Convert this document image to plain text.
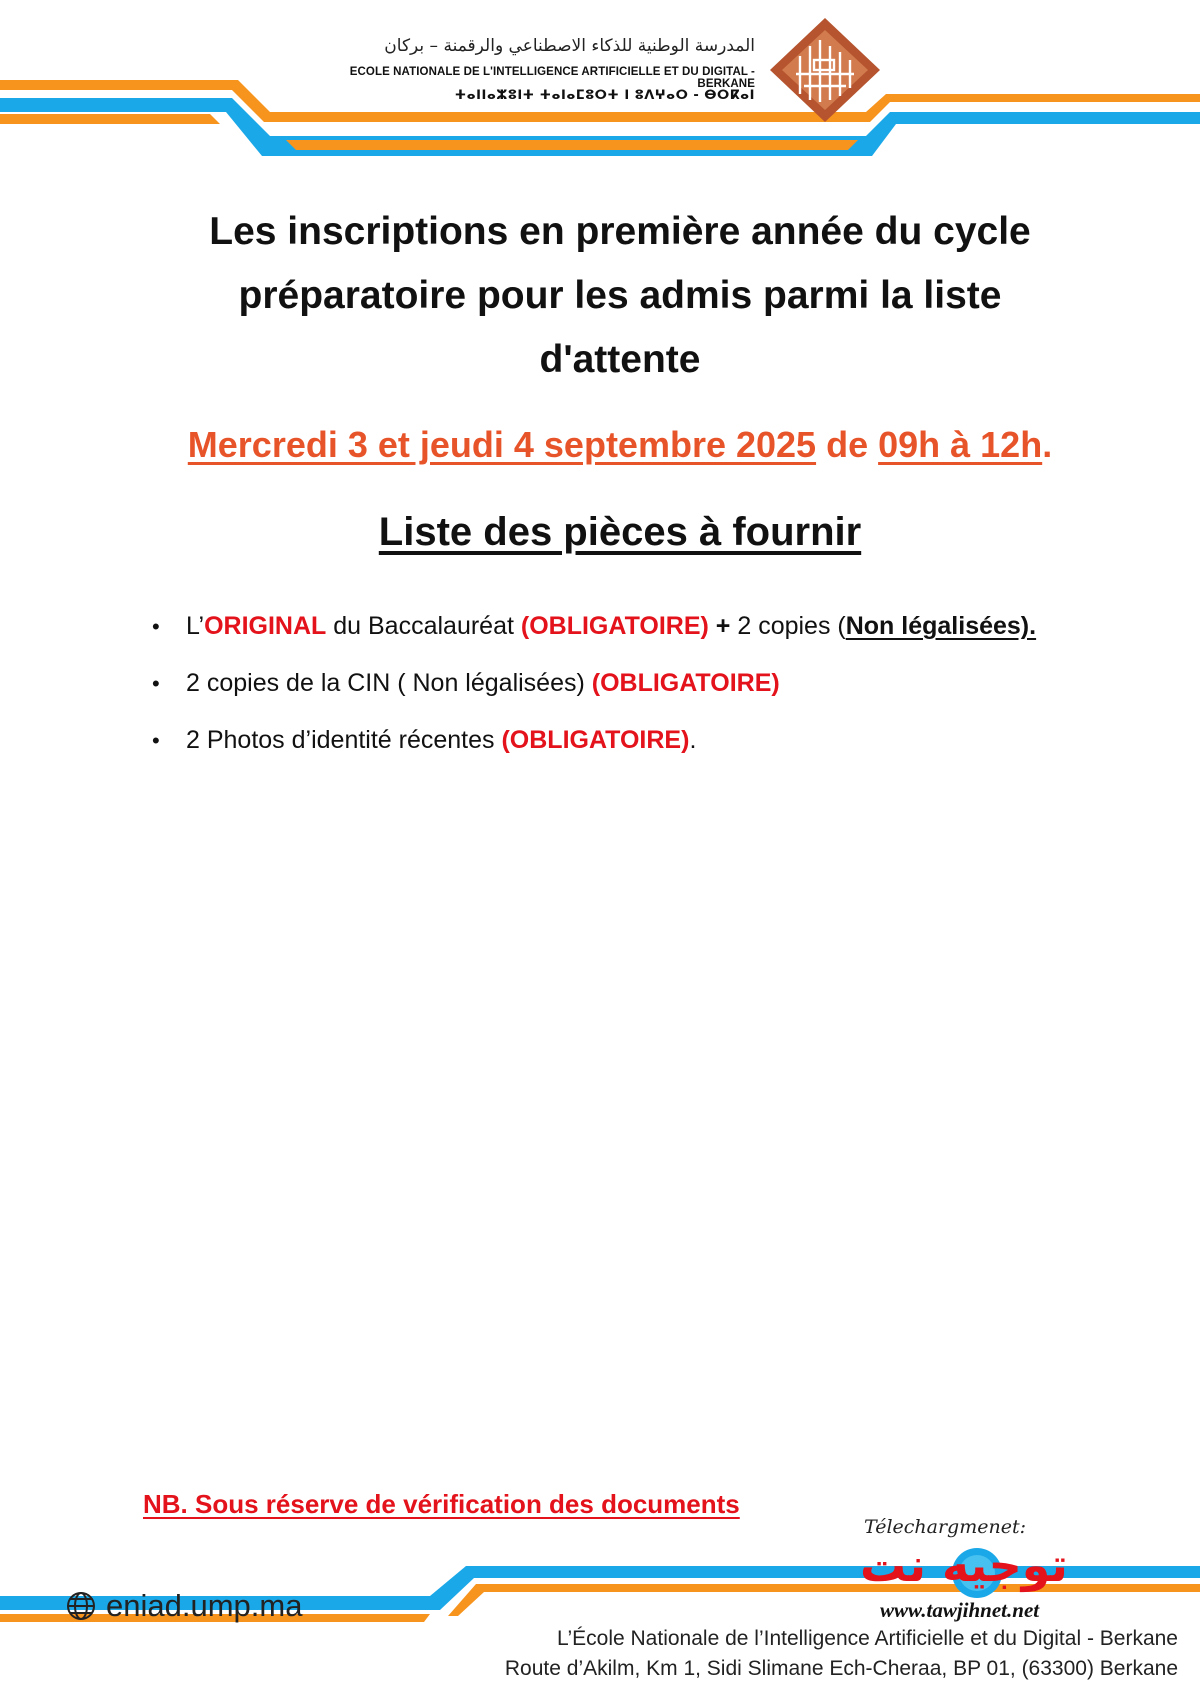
المدرسة الوطنية للذكاء الاصطناعي والرقمنة – بركان
ECOLE NATIONALE DE L'INTELLIGENCE ARTIFICIELLE ET DU DIGITAL - BERKANE
ⵜⴰⵏⵏⴰⵣⵓⵏⵜ ⵜⴰⵏⴰⵎⵓⵔⵜ ⵏ ⵓⴷⵖⴰⵔ - ⴱⵔⴽⴰⵏ
Les inscriptions en première année du cycle
préparatoire pour les admis parmi la liste
d'attente
Mercredi 3 et jeudi 4 septembre 2025 de 09h à 12h.
Liste des pièces à fournir
• L’ORIGINAL du Baccalauréat (OBLIGATOIRE) + 2 copies (Non légalisées).
• 2 copies de la CIN ( Non légalisées) (OBLIGATOIRE)
• 2 Photos d’identité récentes (OBLIGATOIRE).
NB. Sous réserve de vérification des documents
Télechargmenet:
توجيه نت
www.tawjihnet.net
eniad.ump.ma
L’École Nationale de l’Intelligence Artificielle et du Digital - Berkane
Route d’Akilm, Km 1, Sidi Slimane Ech-Cheraa, BP 01, (63300) Berkane
